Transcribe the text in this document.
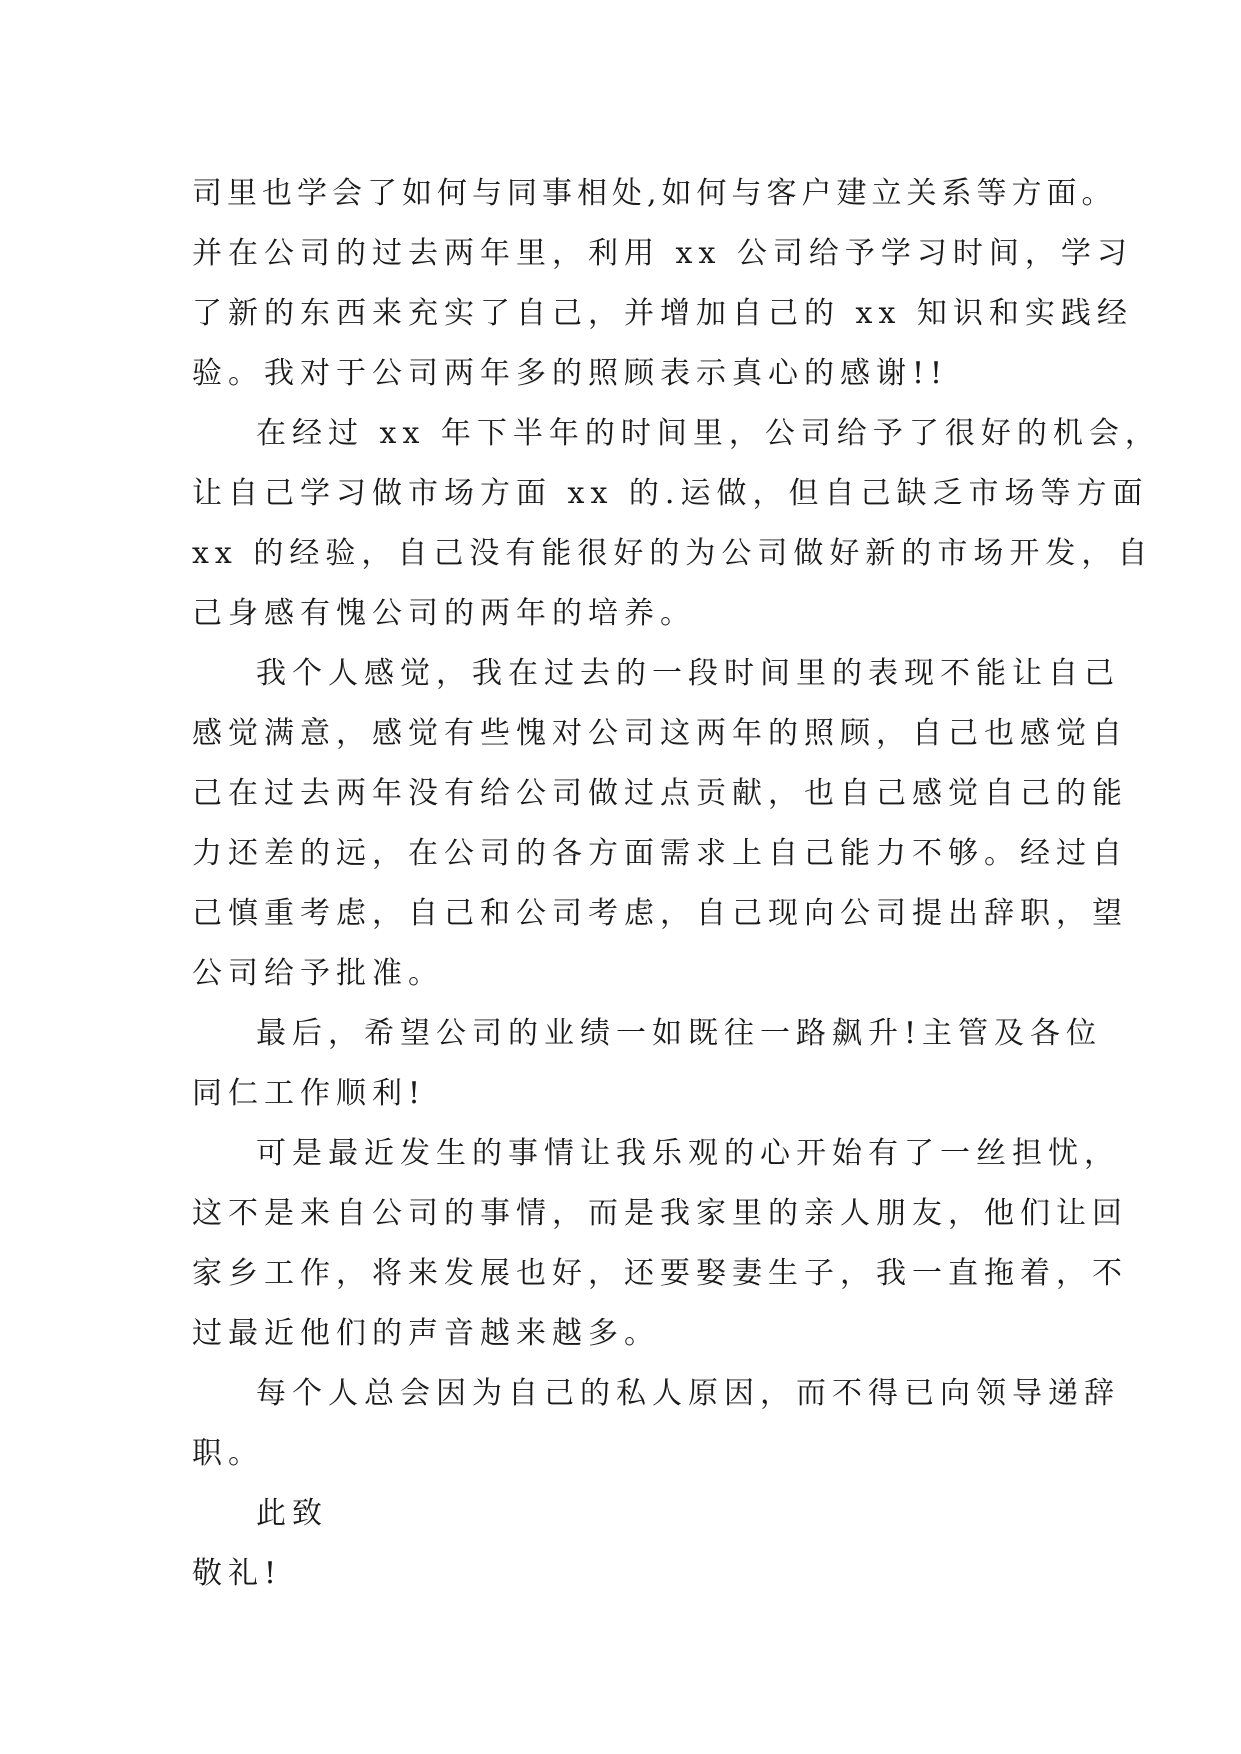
司里也学会了如何与同事相处,如何与客户建立关系等方面。
并在公司的过去两年里，利用 xx 公司给予学习时间，学习
了新的东西来充实了自己，并增加自己的 xx 知识和实践经
验。我对于公司两年多的照顾表示真心的感谢!!
在经过 xx 年下半年的时间里，公司给予了很好的机会，
让自己学习做市场方面 xx 的.运做，但自己缺乏市场等方面
xx 的经验，自己没有能很好的为公司做好新的市场开发，自
己身感有愧公司的两年的培养。
我个人感觉，我在过去的一段时间里的表现不能让自己
感觉满意，感觉有些愧对公司这两年的照顾，自己也感觉自
己在过去两年没有给公司做过点贡献，也自己感觉自己的能
力还差的远，在公司的各方面需求上自己能力不够。经过自
己慎重考虑，自己和公司考虑，自己现向公司提出辞职，望
公司给予批准。
最后，希望公司的业绩一如既往一路飙升!主管及各位
同仁工作顺利!
可是最近发生的事情让我乐观的心开始有了一丝担忧，
这不是来自公司的事情，而是我家里的亲人朋友，他们让回
家乡工作，将来发展也好，还要娶妻生子，我一直拖着，不
过最近他们的声音越来越多。
每个人总会因为自己的私人原因，而不得已向领导递辞
职。
此致
敬礼!
